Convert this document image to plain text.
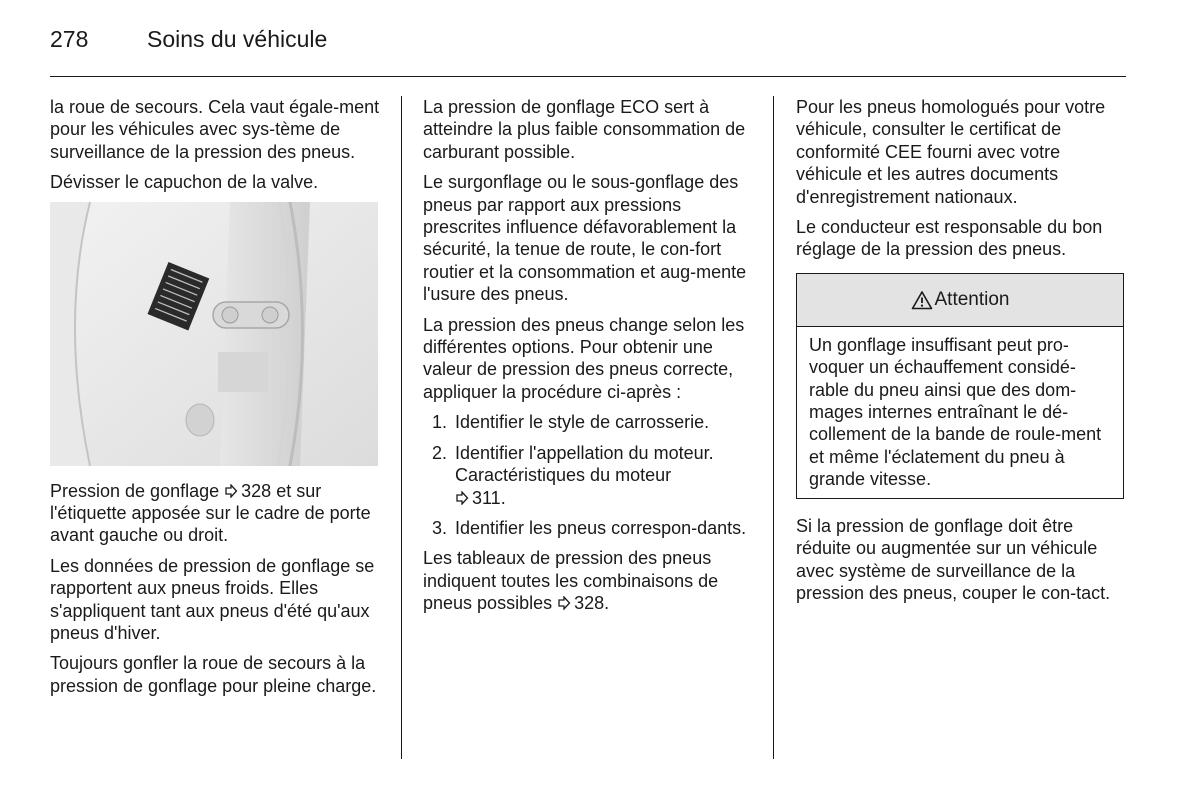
278	Soins du véhicule

la roue de secours. Cela vaut égale-ment pour les véhicules avec sys-tème de surveillance de la pression des pneus.

Dévisser le capuchon de la valve.

Pression de gonflage 328 et sur l'étiquette apposée sur le cadre de porte avant gauche ou droit.

Les données de pression de gonflage se rapportent aux pneus froids. Elles s'appliquent tant aux pneus d'été qu'aux pneus d'hiver.

Toujours gonfler la roue de secours à la pression de gonflage pour pleine charge.

La pression de gonflage ECO sert à atteindre la plus faible consommation de carburant possible.

Le surgonflage ou le sous-gonflage des pneus par rapport aux pressions prescrites influence défavorablement la sécurité, la tenue de route, le con-fort routier et la consommation et aug-mente l'usure des pneus.

La pression des pneus change selon les différentes options. Pour obtenir une valeur de pression des pneus correcte, appliquer la procédure ci-après :

1. Identifier le style de carrosserie.
2. Identifier l'appellation du moteur. Caractéristiques du moteur
311.
3. Identifier les pneus correspon-dants.

Les tableaux de pression des pneus indiquent toutes les combinaisons de pneus possibles 328.

Pour les pneus homologués pour votre véhicule, consulter le certificat de conformité CEE fourni avec votre véhicule et les autres documents d'enregistrement nationaux.

Le conducteur est responsable du bon réglage de la pression des pneus.

Attention
Un gonflage insuffisant peut pro-voquer un échauffement considé-rable du pneu ainsi que des dom-mages internes entraînant le dé-collement de la bande de roule-ment et même l'éclatement du pneu à grande vitesse.

Si la pression de gonflage doit être réduite ou augmentée sur un véhicule avec système de surveillance de la pression des pneus, couper le con-tact.
